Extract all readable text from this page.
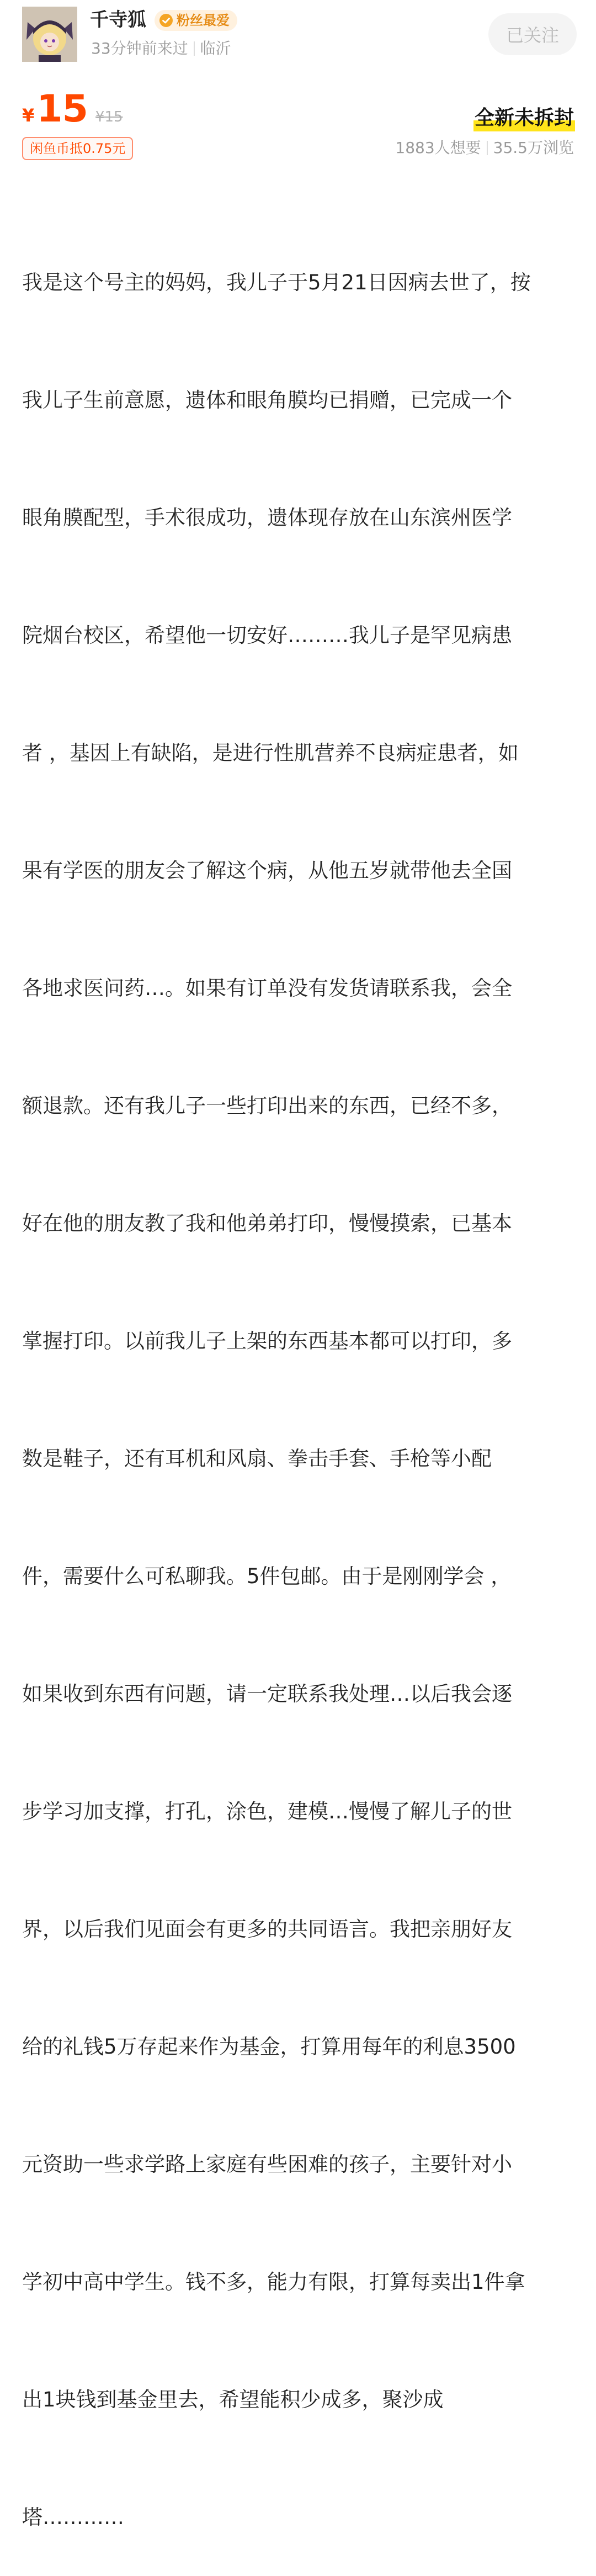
千寺狐 粉丝最爱
33分钟前来过 临沂
已关注
¥ 15 ¥15
闲鱼币抵0.75元
全新未拆封
1883人想要 35.5万浏览

我是这个号主的妈妈，我儿子于5月21日因病去世了，按

我儿子生前意愿，遗体和眼角膜均已捐赠，已完成一个

眼角膜配型，手术很成功，遗体现存放在山东滨州医学

院烟台校区，希望他一切安好………我儿子是罕见病患

者 ，基因上有缺陷，是进行性肌营养不良病症患者，如

果有学医的朋友会了解这个病，从他五岁就带他去全国

各地求医问药…。如果有订单没有发货请联系我，会全

额退款。还有我儿子一些打印出来的东西，已经不多，

好在他的朋友教了我和他弟弟打印，慢慢摸索，已基本

掌握打印。以前我儿子上架的东西基本都可以打印，多

数是鞋子，还有耳机和风扇、拳击手套、手枪等小配

件，需要什么可私聊我。5件包邮。由于是刚刚学会 ，

如果收到东西有问题，请一定联系我处理…以后我会逐

步学习加支撑，打孔，涂色，建模…慢慢了解儿子的世

界，以后我们见面会有更多的共同语言。我把亲朋好友

给的礼钱5万存起来作为基金，打算用每年的利息3500

元资助一些求学路上家庭有些困难的孩子，主要针对小

学初中高中学生。钱不多，能力有限，打算每卖出1件拿

出1块钱到基金里去，希望能积少成多，聚沙成

塔…………
